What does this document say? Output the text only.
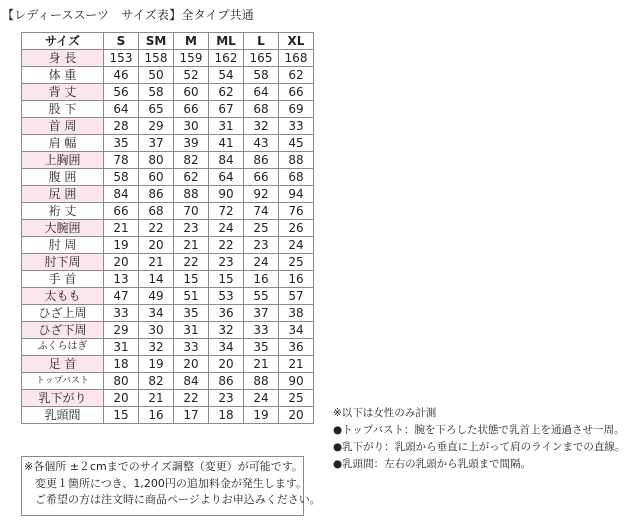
【レディーススーツ　サイズ表】全タイプ共通
サイズ	S	SM	M	ML	L	XL
身 長	153	158	159	162	165	168
体 重	46	50	52	54	58	62
背 丈	56	58	60	62	64	66
股 下	64	65	66	67	68	69
首 周	28	29	30	31	32	33
肩 幅	35	37	39	41	43	45
上胸囲	78	80	82	84	86	88
腹 囲	58	60	62	64	66	68
尻 囲	84	86	88	90	92	94
裄 丈	66	68	70	72	74	76
大腕囲	21	22	23	24	25	26
肘 周	19	20	21	22	23	24
肘下周	20	21	22	23	24	25
手 首	13	14	15	15	16	16
太もも	47	49	51	53	55	57
ひざ上周	33	34	35	36	37	38
ひざ下周	29	30	31	32	33	34
ふくらはぎ	31	32	33	34	35	36
足 首	18	19	20	20	21	21
トップバスト	80	82	84	86	88	90
乳下がり	20	21	22	23	24	25
乳頭間	15	16	17	18	19	20
※各個所 ±２cmまでのサイズ調整（変更）が可能です。
変更１箇所につき、1,200円の追加料金が発生します。
ご希望の方は注文時に商品ページよりお申込みください。
※以下は女性のみ計測
●トップバスト：腕を下ろした状態で乳首上を通過させ一周。
●乳下がり：乳頭から垂直に上がって肩のラインまでの直線。
●乳頭間：左右の乳頭から乳頭まで間隔。
